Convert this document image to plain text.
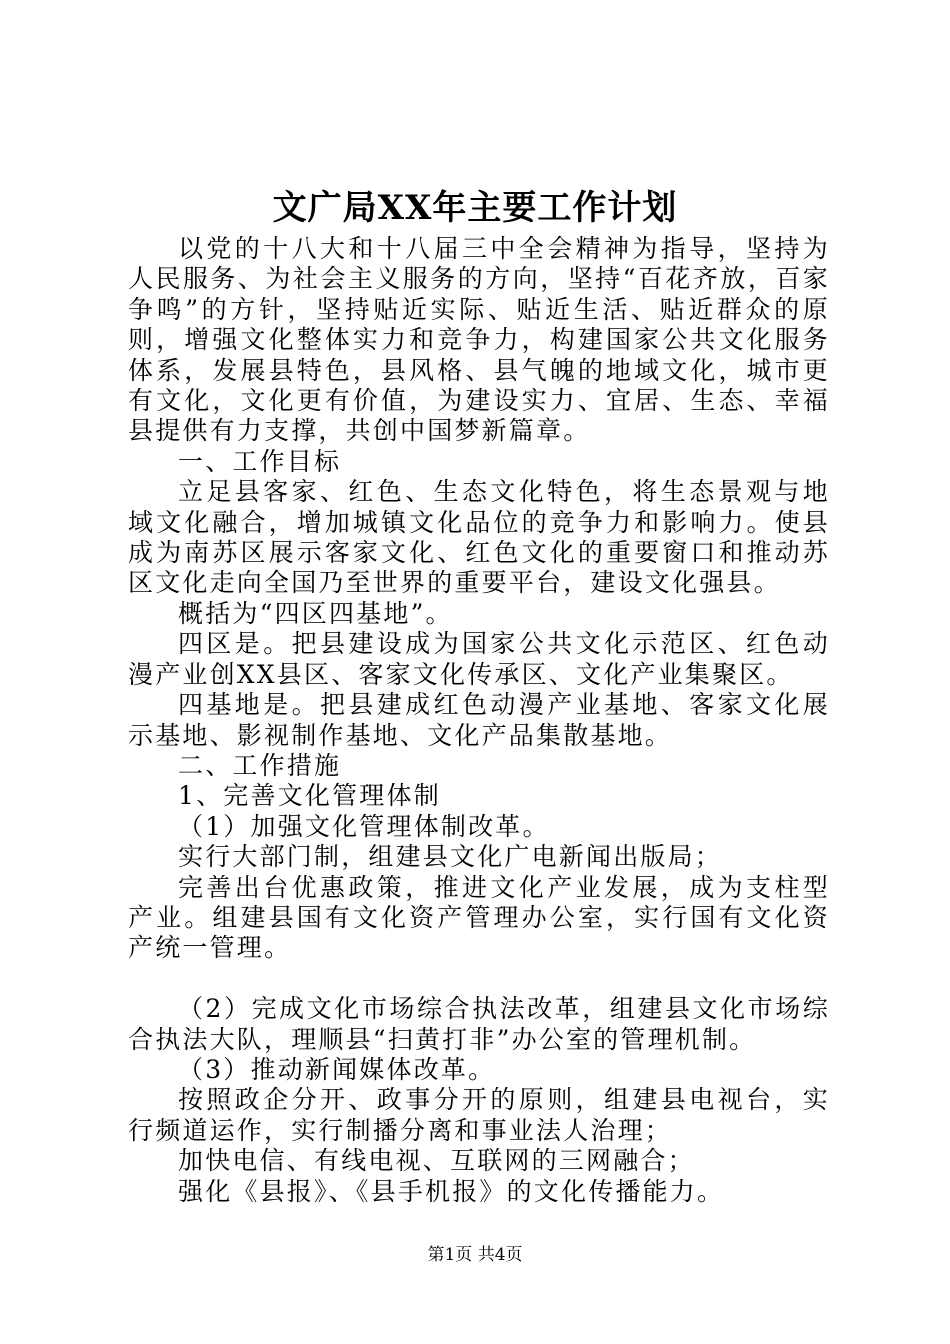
文广局XX年主要工作计划

以党的十八大和十八届三中全会精神为指导，坚持为人民服务、为社会主义服务的方向，坚持“百花齐放，百家争鸣”的方针，坚持贴近实际、贴近生活、贴近群众的原则，增强文化整体实力和竞争力，构建国家公共文化服务体系，发展县特色，县风格、县气魄的地域文化，城市更有文化，文化更有价值，为建设实力、宜居、生态、幸福县提供有力支撑，共创中国梦新篇章。

一、工作目标

立足县客家、红色、生态文化特色，将生态景观与地域文化融合，增加城镇文化品位的竞争力和影响力。使县成为南苏区展示客家文化、红色文化的重要窗口和推动苏区文化走向全国乃至世界的重要平台，建设文化强县。

概括为“四区四基地”。

四区是。把县建设成为国家公共文化示范区、红色动漫产业创XX县区、客家文化传承区、文化产业集聚区。

四基地是。把县建成红色动漫产业基地、客家文化展示基地、影视制作基地、文化产品集散基地。

二、工作措施

1、完善文化管理体制

（1）加强文化管理体制改革。

实行大部门制，组建县文化广电新闻出版局；

完善出台优惠政策，推进文化产业发展，成为支柱型产业。组建县国有文化资产管理办公室，实行国有文化资产统一管理。

（2）完成文化市场综合执法改革，组建县文化市场综合执法大队，理顺县“扫黄打非”办公室的管理机制。

（3）推动新闻媒体改革。

按照政企分开、政事分开的原则，组建县电视台，实行频道运作，实行制播分离和事业法人治理；

加快电信、有线电视、互联网的三网融合；

强化《县报》、《县手机报》的文化传播能力。

第1页 共4页
